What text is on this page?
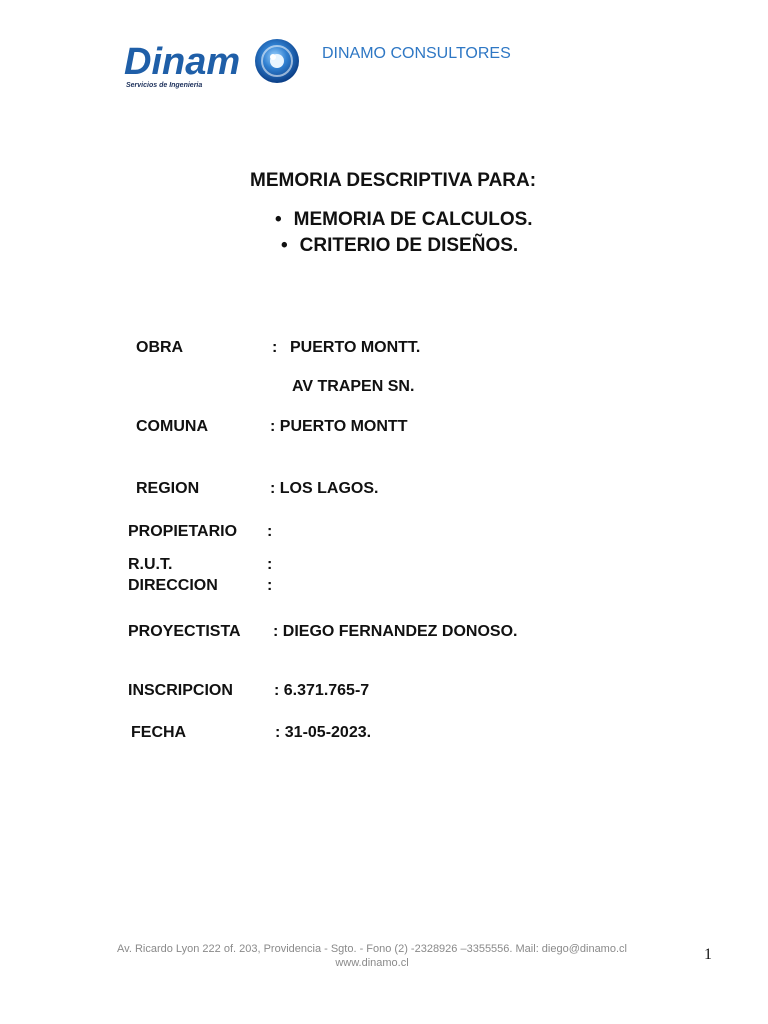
Dinam
Servicios de Ingenieria
DINAMO CONSULTORES
MEMORIA DESCRIPTIVA PARA:
• MEMORIA DE CALCULOS.
• CRITERIO DE DISEÑOS.
OBRA	: PUERTO MONTT.
AV TRAPEN SN.
COMUNA	: PUERTO MONTT
REGION	: LOS LAGOS.
PROPIETARIO :
R.U.T.	:
DIRECCION	:
PROYECTISTA : DIEGO FERNANDEZ DONOSO.
INSCRIPCION	: 6.371.765-7
FECHA	: 31-05-2023.
Av. Ricardo Lyon 222 of. 203, Providencia - Sgto. - Fono (2) -2328926 –3355556. Mail: diego@dinamo.cl
www.dinamo.cl	1
